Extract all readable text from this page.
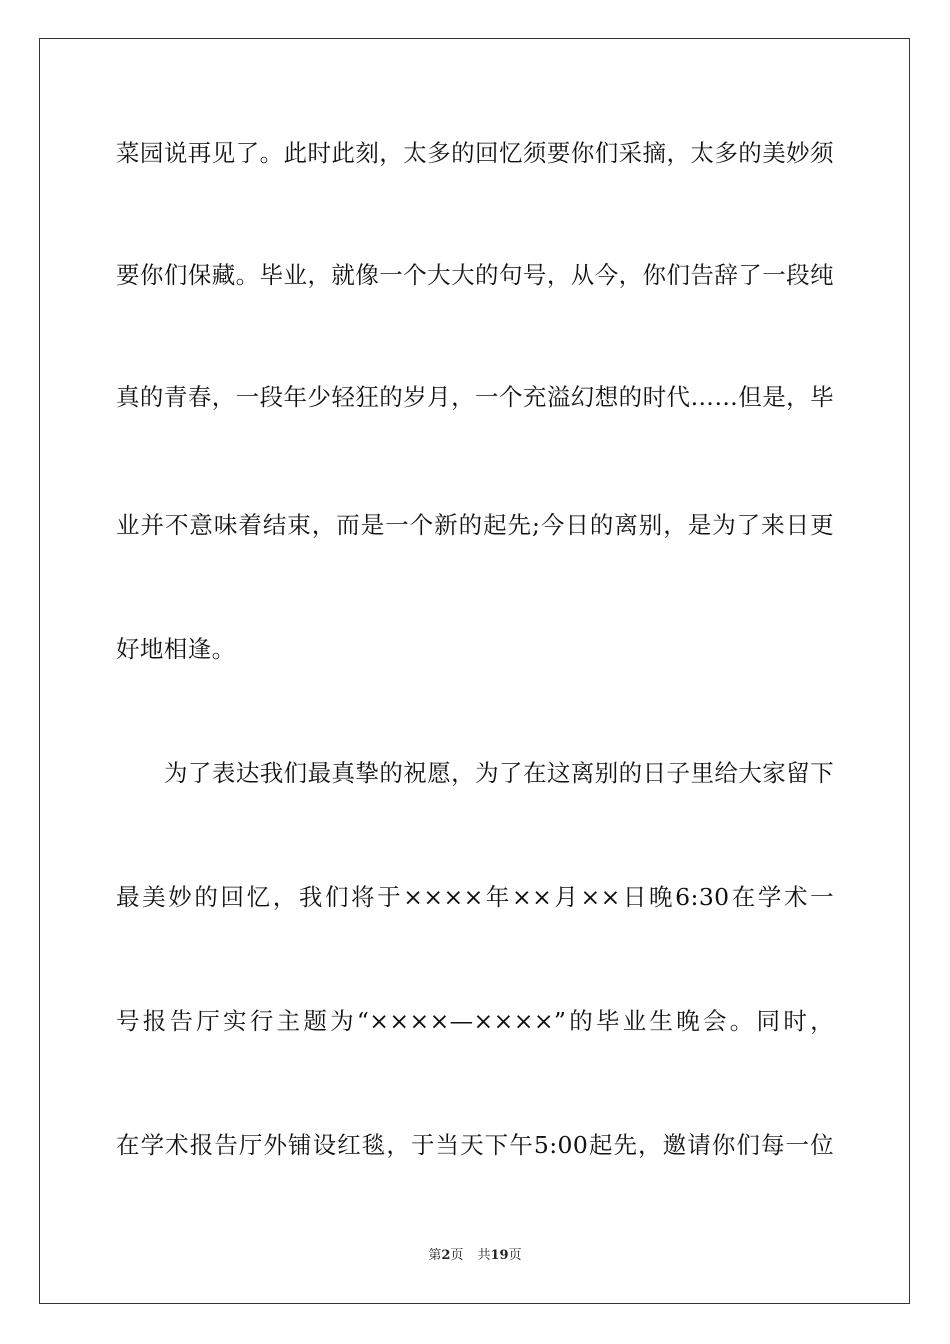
菜园说再见了。此时此刻，太多的回忆须要你们采摘，太多的美妙须
要你们保藏。毕业，就像一个大大的句号，从今，你们告辞了一段纯
真的青春，一段年少轻狂的岁月，一个充溢幻想的时代……但是，毕
业并不意味着结束，而是一个新的起先;今日的离别，是为了来日更
好地相逢。
为了表达我们最真挚的祝愿，为了在这离别的日子里给大家留下
最美妙的回忆，我们将于××××年××月××日晚6:30在学术一
号报告厅实行主题为“××××—××××”的毕业生晚会。同时，
在学术报告厅外铺设红毯，于当天下午5:00起先，邀请你们每一位
第2页 共19页
